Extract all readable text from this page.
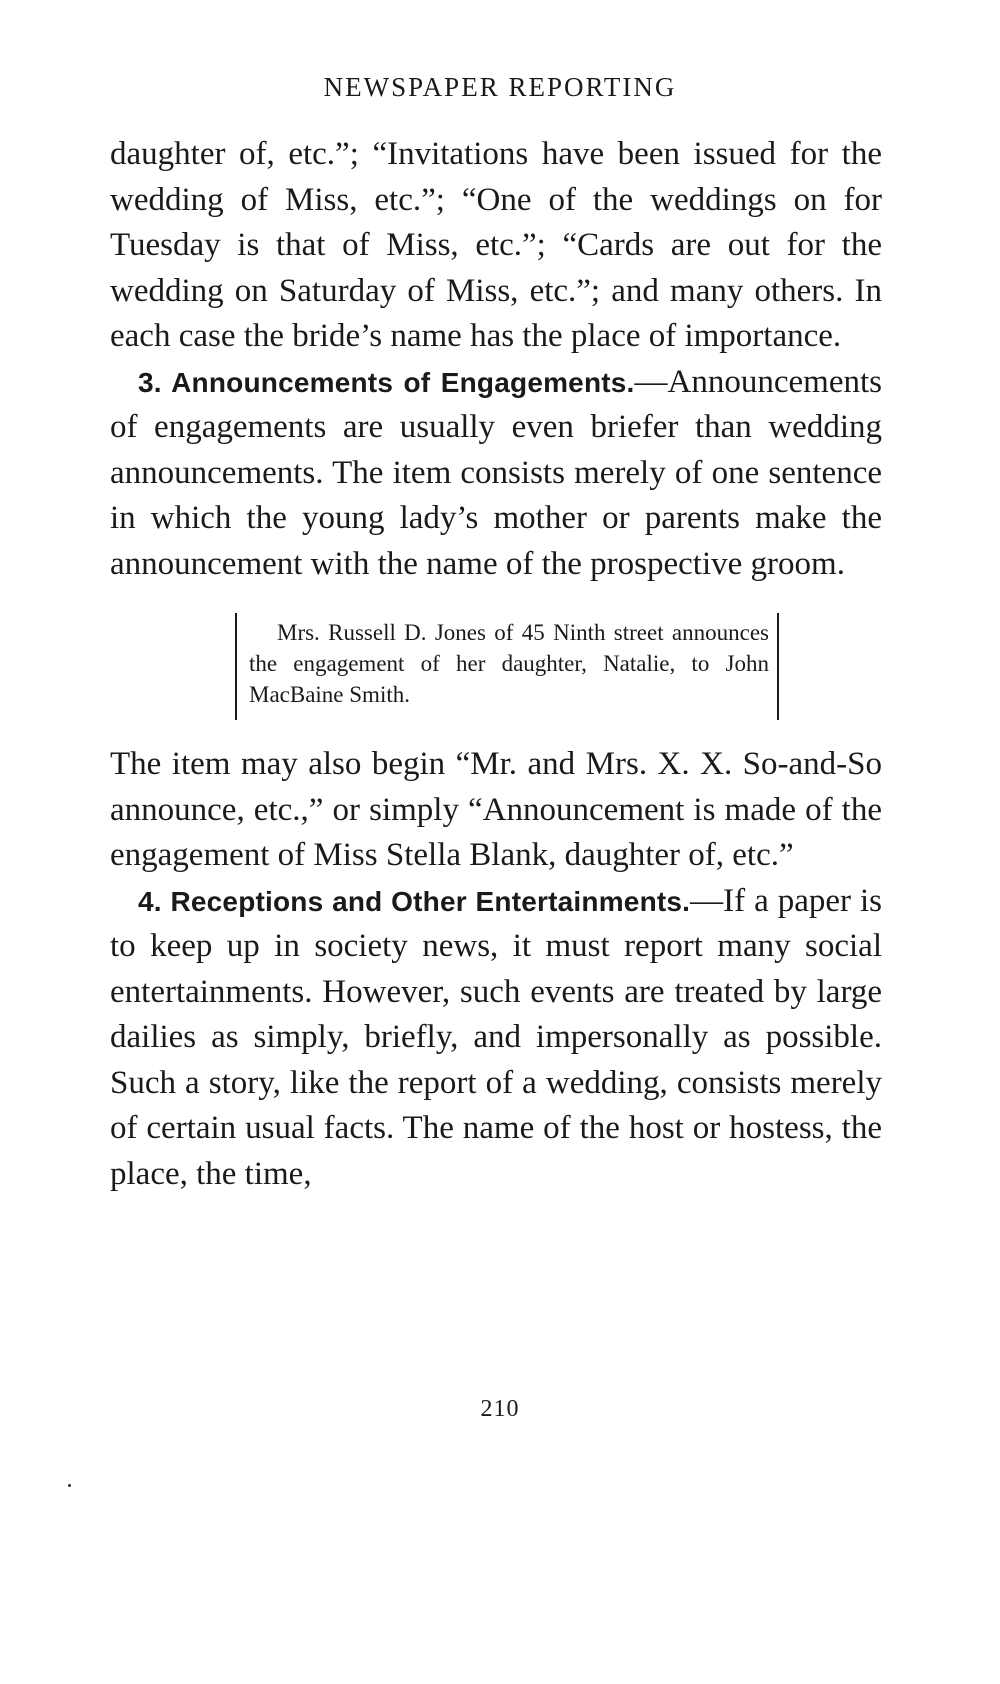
NEWSPAPER REPORTING

daughter of, etc.”; “Invitations have been issued for the wedding of Miss, etc.”; “One of the weddings on for Tuesday is that of Miss, etc.”; “Cards are out for the wedding on Saturday of Miss, etc.”; and many others. In each case the bride’s name has the place of importance.

3. Announcements of Engagements.—Announcements of engagements are usually even briefer than wedding announcements. The item consists merely of one sentence in which the young lady’s mother or parents make the announcement with the name of the prospective groom.

Mrs. Russell D. Jones of 45 Ninth street announces the engagement of her daughter, Natalie, to John MacBaine Smith.

The item may also begin “Mr. and Mrs. X. X. So-and-So announce, etc.,” or simply “Announcement is made of the engagement of Miss Stella Blank, daughter of, etc.”

4. Receptions and Other Entertainments.—If a paper is to keep up in society news, it must report many social entertainments. However, such events are treated by large dailies as simply, briefly, and impersonally as possible. Such a story, like the report of a wedding, consists merely of certain usual facts. The name of the host or hostess, the place, the time,

210
